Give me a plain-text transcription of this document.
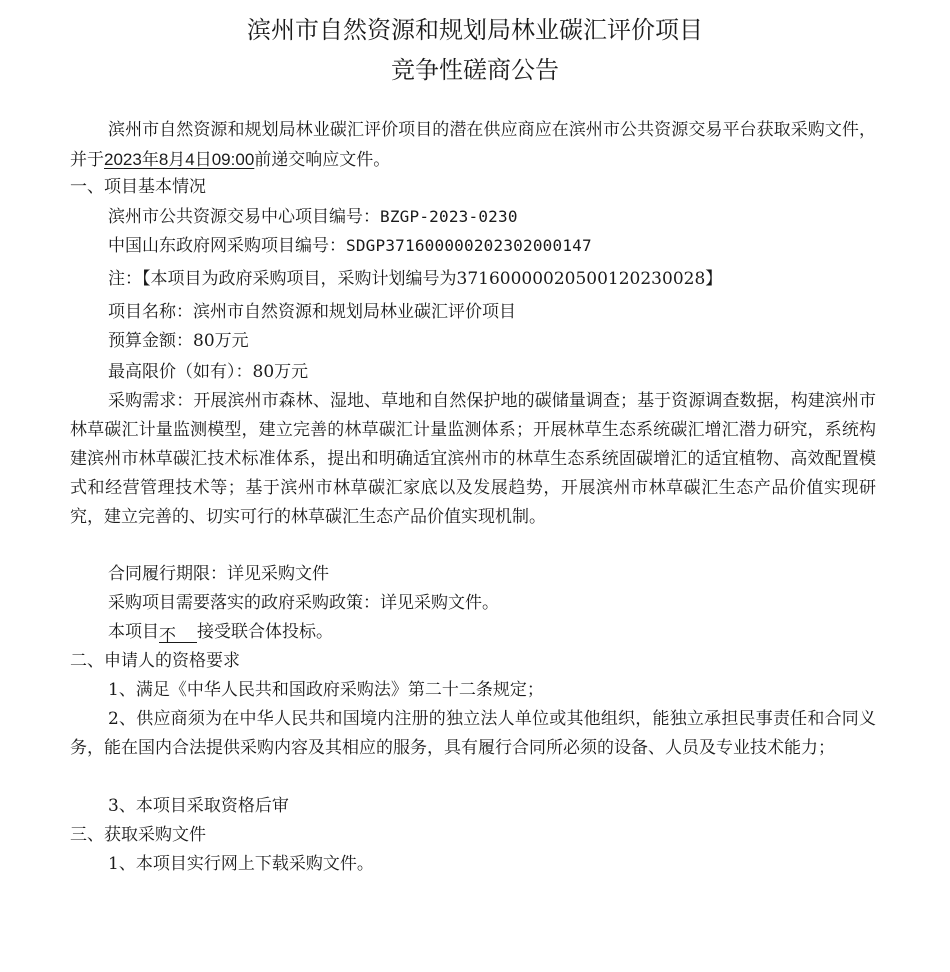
滨州市自然资源和规划局林业碳汇评价项目
竞争性磋商公告
滨州市自然资源和规划局林业碳汇评价项目的潜在供应商应在滨州市公共资源交易平台获取采购文件，并于2023年8月4日09:00前递交响应文件。
一、项目基本情况
滨州市公共资源交易中心项目编号：BZGP-2023-0230
中国山东政府网采购项目编号：SDGP371600000202302000147
注：【本项目为政府采购项目，采购计划编号为37160000020500120230028】
项目名称：滨州市自然资源和规划局林业碳汇评价项目
预算金额：80万元
最高限价（如有）：80万元
采购需求：开展滨州市森林、湿地、草地和自然保护地的碳储量调查；基于资源调查数据，构建滨州市林草碳汇计量监测模型，建立完善的林草碳汇计量监测体系；开展林草生态系统碳汇增汇潜力研究，系统构建滨州市林草碳汇技术标准体系，提出和明确适宜滨州市的林草生态系统固碳增汇的适宜植物、高效配置模式和经营管理技术等；基于滨州市林草碳汇家底以及发展趋势，开展滨州市林草碳汇生态产品价值实现研究，建立完善的、切实可行的林草碳汇生态产品价值实现机制。
合同履行期限：详见采购文件
采购项目需要落实的政府采购政策：详见采购文件。
本项目不 接受联合体投标。
二、申请人的资格要求
1、满足《中华人民共和国政府采购法》第二十二条规定；
2、供应商须为在中华人民共和国境内注册的独立法人单位或其他组织，能独立承担民事责任和合同义务，能在国内合法提供采购内容及其相应的服务，具有履行合同所必须的设备、人员及专业技术能力；
3、本项目采取资格后审
三、获取采购文件
1、本项目实行网上下载采购文件。
